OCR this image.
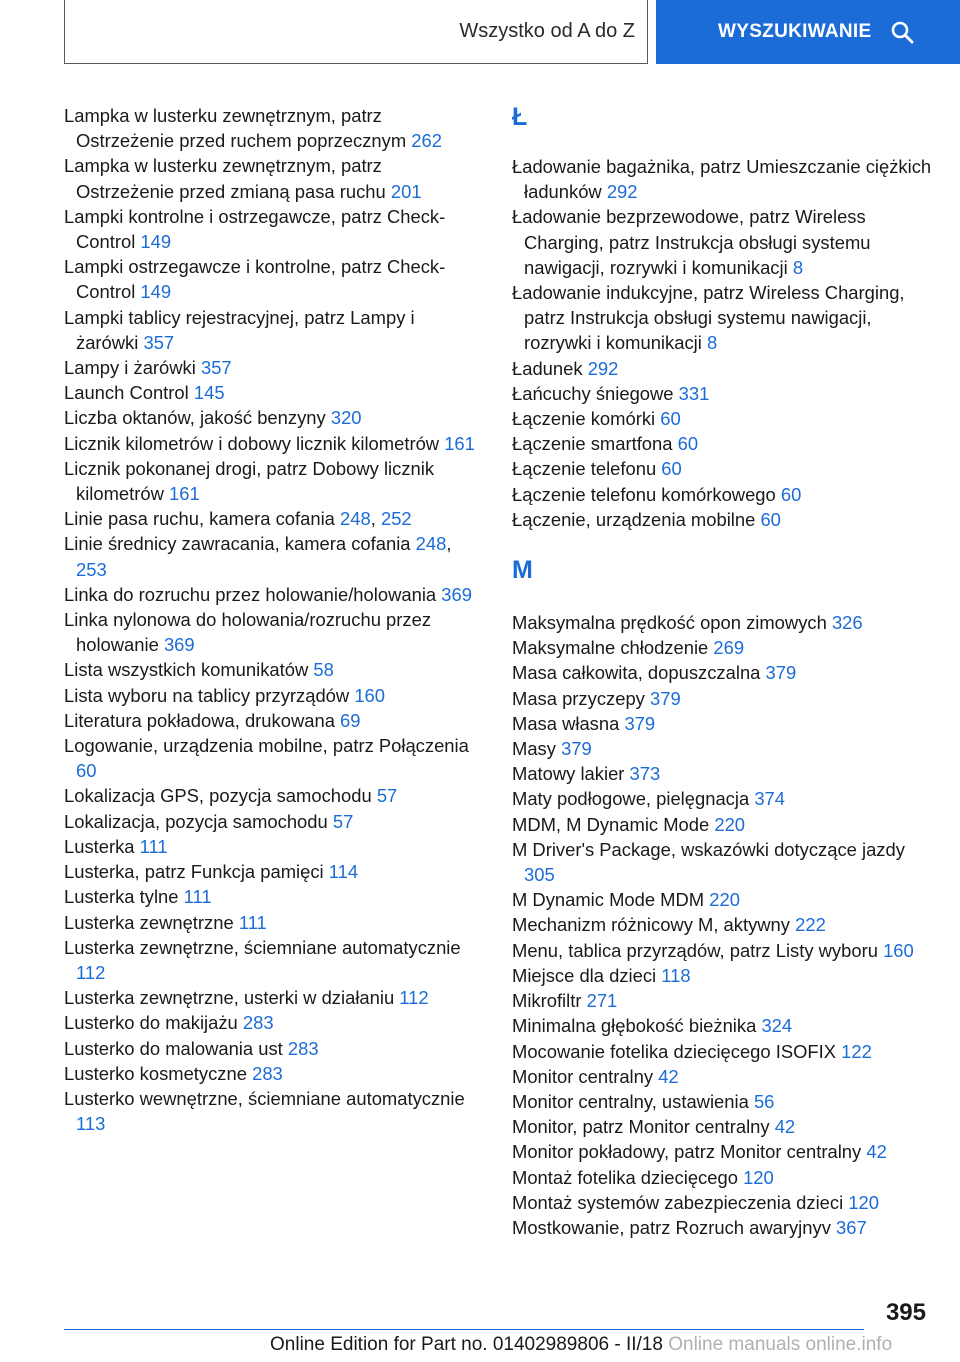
Wszystko od A do Z	WYSZUKIWANIE
Lampka w lusterku zewnętrznym, patrz Ostrzeżenie przed ruchem poprzecznym 262
Lampka w lusterku zewnętrznym, patrz Ostrzeżenie przed zmianą pasa ruchu 201
Lampki kontrolne i ostrzegawcze, patrz Check-Control 149
Lampki ostrzegawcze i kontrolne, patrz Check-Control 149
Lampki tablicy rejestracyjnej, patrz Lampy i żarówki 357
Lampy i żarówki 357
Launch Control 145
Liczba oktanów, jakość benzyny 320
Licznik kilometrów i dobowy licznik kilometrów 161
Licznik pokonanej drogi, patrz Dobowy licznik kilometrów 161
Linie pasa ruchu, kamera cofania 248, 252
Linie średnicy zawracania, kamera cofania 248, 253
Linka do rozruchu przez holowanie/holowania 369
Linka nylonowa do holowania/rozruchu przez holowanie 369
Lista wszystkich komunikatów 58
Lista wyboru na tablicy przyrządów 160
Literatura pokładowa, drukowana 69
Logowanie, urządzenia mobilne, patrz Połączenia 60
Lokalizacja GPS, pozycja samochodu 57
Lokalizacja, pozycja samochodu 57
Lusterka 111
Lusterka, patrz Funkcja pamięci 114
Lusterka tylne 111
Lusterka zewnętrzne 111
Lusterka zewnętrzne, ściemniane automatycznie 112
Lusterka zewnętrzne, usterki w działaniu 112
Lusterko do makijażu 283
Lusterko do malowania ust 283
Lusterko kosmetyczne 283
Lusterko wewnętrzne, ściemniane automatycznie 113
Ł
Ładowanie bagażnika, patrz Umieszczanie ciężkich ładunków 292
Ładowanie bezprzewodowe, patrz Wireless Charging, patrz Instrukcja obsługi systemu nawigacji, rozrywki i komunikacji 8
Ładowanie indukcyjne, patrz Wireless Charging, patrz Instrukcja obsługi systemu nawigacji, rozrywki i komunikacji 8
Ładunek 292
Łańcuchy śniegowe 331
Łączenie komórki 60
Łączenie smartfona 60
Łączenie telefonu 60
Łączenie telefonu komórkowego 60
Łączenie, urządzenia mobilne 60
M
Maksymalna prędkość opon zimowych 326
Maksymalne chłodzenie 269
Masa całkowita, dopuszczalna 379
Masa przyczepy 379
Masa własna 379
Masy 379
Matowy lakier 373
Maty podłogowe, pielęgnacja 374
MDM, M Dynamic Mode 220
M Driver's Package, wskazówki dotyczące jazdy 305
M Dynamic Mode MDM 220
Mechanizm różnicowy M, aktywny 222
Menu, tablica przyrządów, patrz Listy wyboru 160
Miejsce dla dzieci 118
Mikrofiltr 271
Minimalna głębokość bieżnika 324
Mocowanie fotelika dziecięcego ISOFIX 122
Monitor centralny 42
Monitor centralny, ustawienia 56
Monitor, patrz Monitor centralny 42
Monitor pokładowy, patrz Monitor centralny 42
Montaż fotelika dziecięcego 120
Montaż systemów zabezpieczenia dzieci 120
Mostkowanie, patrz Rozruch awaryjnyv 367
395
Online Edition for Part no. 01402989806 - II/18 Online manuals online.info
